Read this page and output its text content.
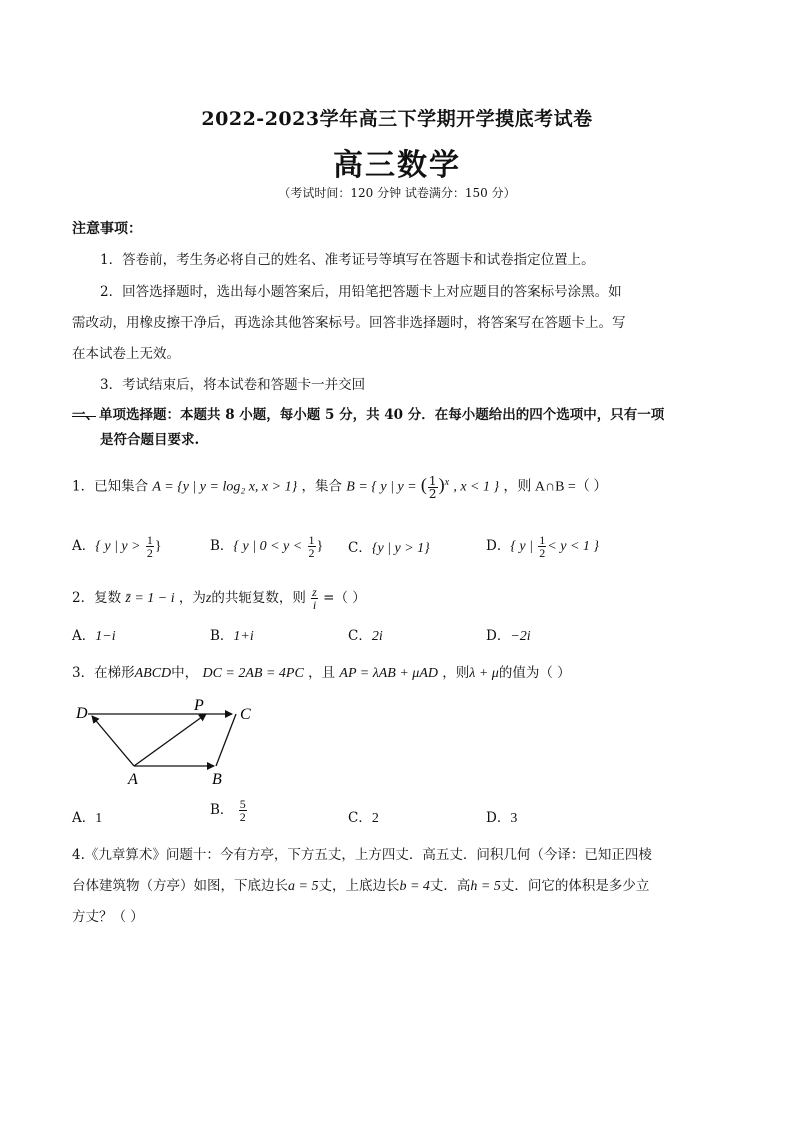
2022-2023学年高三下学期开学摸底考试卷
高三数学
（考试时间：120 分钟 试卷满分：150 分）
注意事项：
1．答卷前，考生务必将自己的姓名、准考证号等填写在答题卡和试卷指定位置上。
2．回答选择题时，选出每小题答案后，用铅笔把答题卡上对应题目的答案标号涂黑。如
需改动，用橡皮擦干净后，再选涂其他答案标号。回答非选择题时，将答案写在答题卡上。写
在本试卷上无效。
3．考试结束后，将本试卷和答题卡一并交回
一、单项选择题：本题共 8 小题，每小题 5 分，共 40 分．在每小题给出的四个选项中，只有一项
是符合题目要求.
1．已知集合 A = {y | y = log₂ x, x > 1} ，集合 B = { y | y = ( $\frac{1}{2} )^x$ , x < 1 } ，则 A∩B =（ ）
A．{ y | $y > \frac{1}{2}$ }	B．{ y | $0 < y < \frac{1}{2}$ } C．{y | y > 1}	D．{ y | $\frac{1}{2} < y < 1$ }
2．复数 z̄ = 1 − i ，为z的共轭复数，则 $\frac{z}{i}$ =（ ）
A．1−i	B．1+i	C．2i	D．−2i
3．在梯形ABCD中， DC = 2AB = 4PC ，且 AP = λAB + μAD ，则λ + μ的值为（ ）
D	P
C
A	B
A．1
B． $\frac{5}{2}$	C．2	D．3
4.《九章算术》问题十：今有方亭，下方五丈，上方四丈．高五丈．问积几何（今译：已知正四棱
台体建筑物（方亭）如图，下底边长a = 5丈，上底边长b = 4丈．高h = 5丈．问它的体积是多少立
方丈？（ ）
